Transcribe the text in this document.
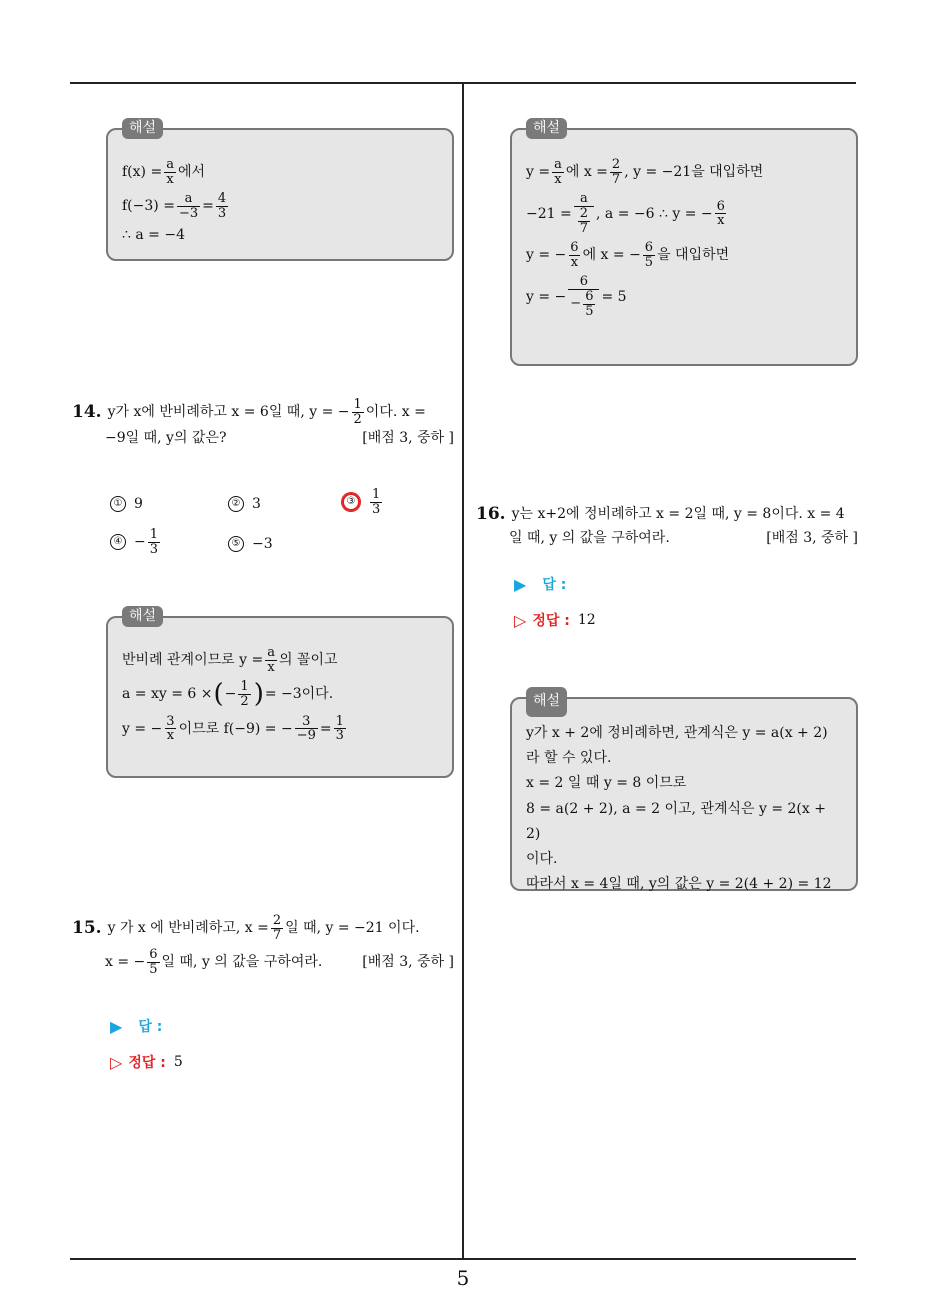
5
해설
$f(x) = \frac{a}{x}$ 에서
$f(-3) = \frac{a}{-3} = \frac{4}{3}$
∴ a = −4
14. y가 x에 반비례하고 x = 6일 때, y = − $\frac{1}{2}$ 이다. x =
−9일 때, y의 값은?	[배점 3, 중하 ]
① 9	② 3	③	$\frac{1}{3}$
④ − $\frac{1}{3}$	⑤ −3
해설
반비례 관계이므로 $y = \frac{a}{x}$ 의 꼴이고
a = xy = 6 × ( − $\frac{1}{2}$ ) = −3이다.
y = − $\frac{3}{x}$ 이므로 f(−9) = − $\frac{3}{-9} = \frac{1}{3}$
15. y 가 x 에 반비례하고, $x = \frac{2}{7}$ 일 때, y = −21 이다.
x = − $\frac{6}{5}$ 일 때, y 의 값을 구하여라.	[배점 3, 중하 ]
▶ 답 :
▷ 정답 : 5
해설
$y = \frac{a}{x}$ 에 $x = \frac{2}{7}$ , y = −21을 대입하면
$-21 = \frac{a}{\frac{2}{7}}$ , a = −6 ∴ y = − $\frac{6}{x}$
y = − $\frac{6}{x}$ 에 x = − $\frac{6}{5}$ 을 대입하면
y = − $\frac{6}{- \frac{6}{5}} = 5$
16. y는 x+2에 정비례하고 x = 2일 때, y = 8이다. x = 4
일 때, y 의 값을 구하여라.	[배점 3, 중하 ]
▶ 답 :
▷ 정답 : 12
해설
y가 x + 2에 정비례하면, 관계식은 y = a(x + 2)
라 할 수 있다.
x = 2 일 때 y = 8 이므로
8 = a(2 + 2), a = 2 이고, 관계식은 y = 2(x + 2)
이다.
따라서 x = 4일 때, y의 값은 y = 2(4 + 2) = 12
